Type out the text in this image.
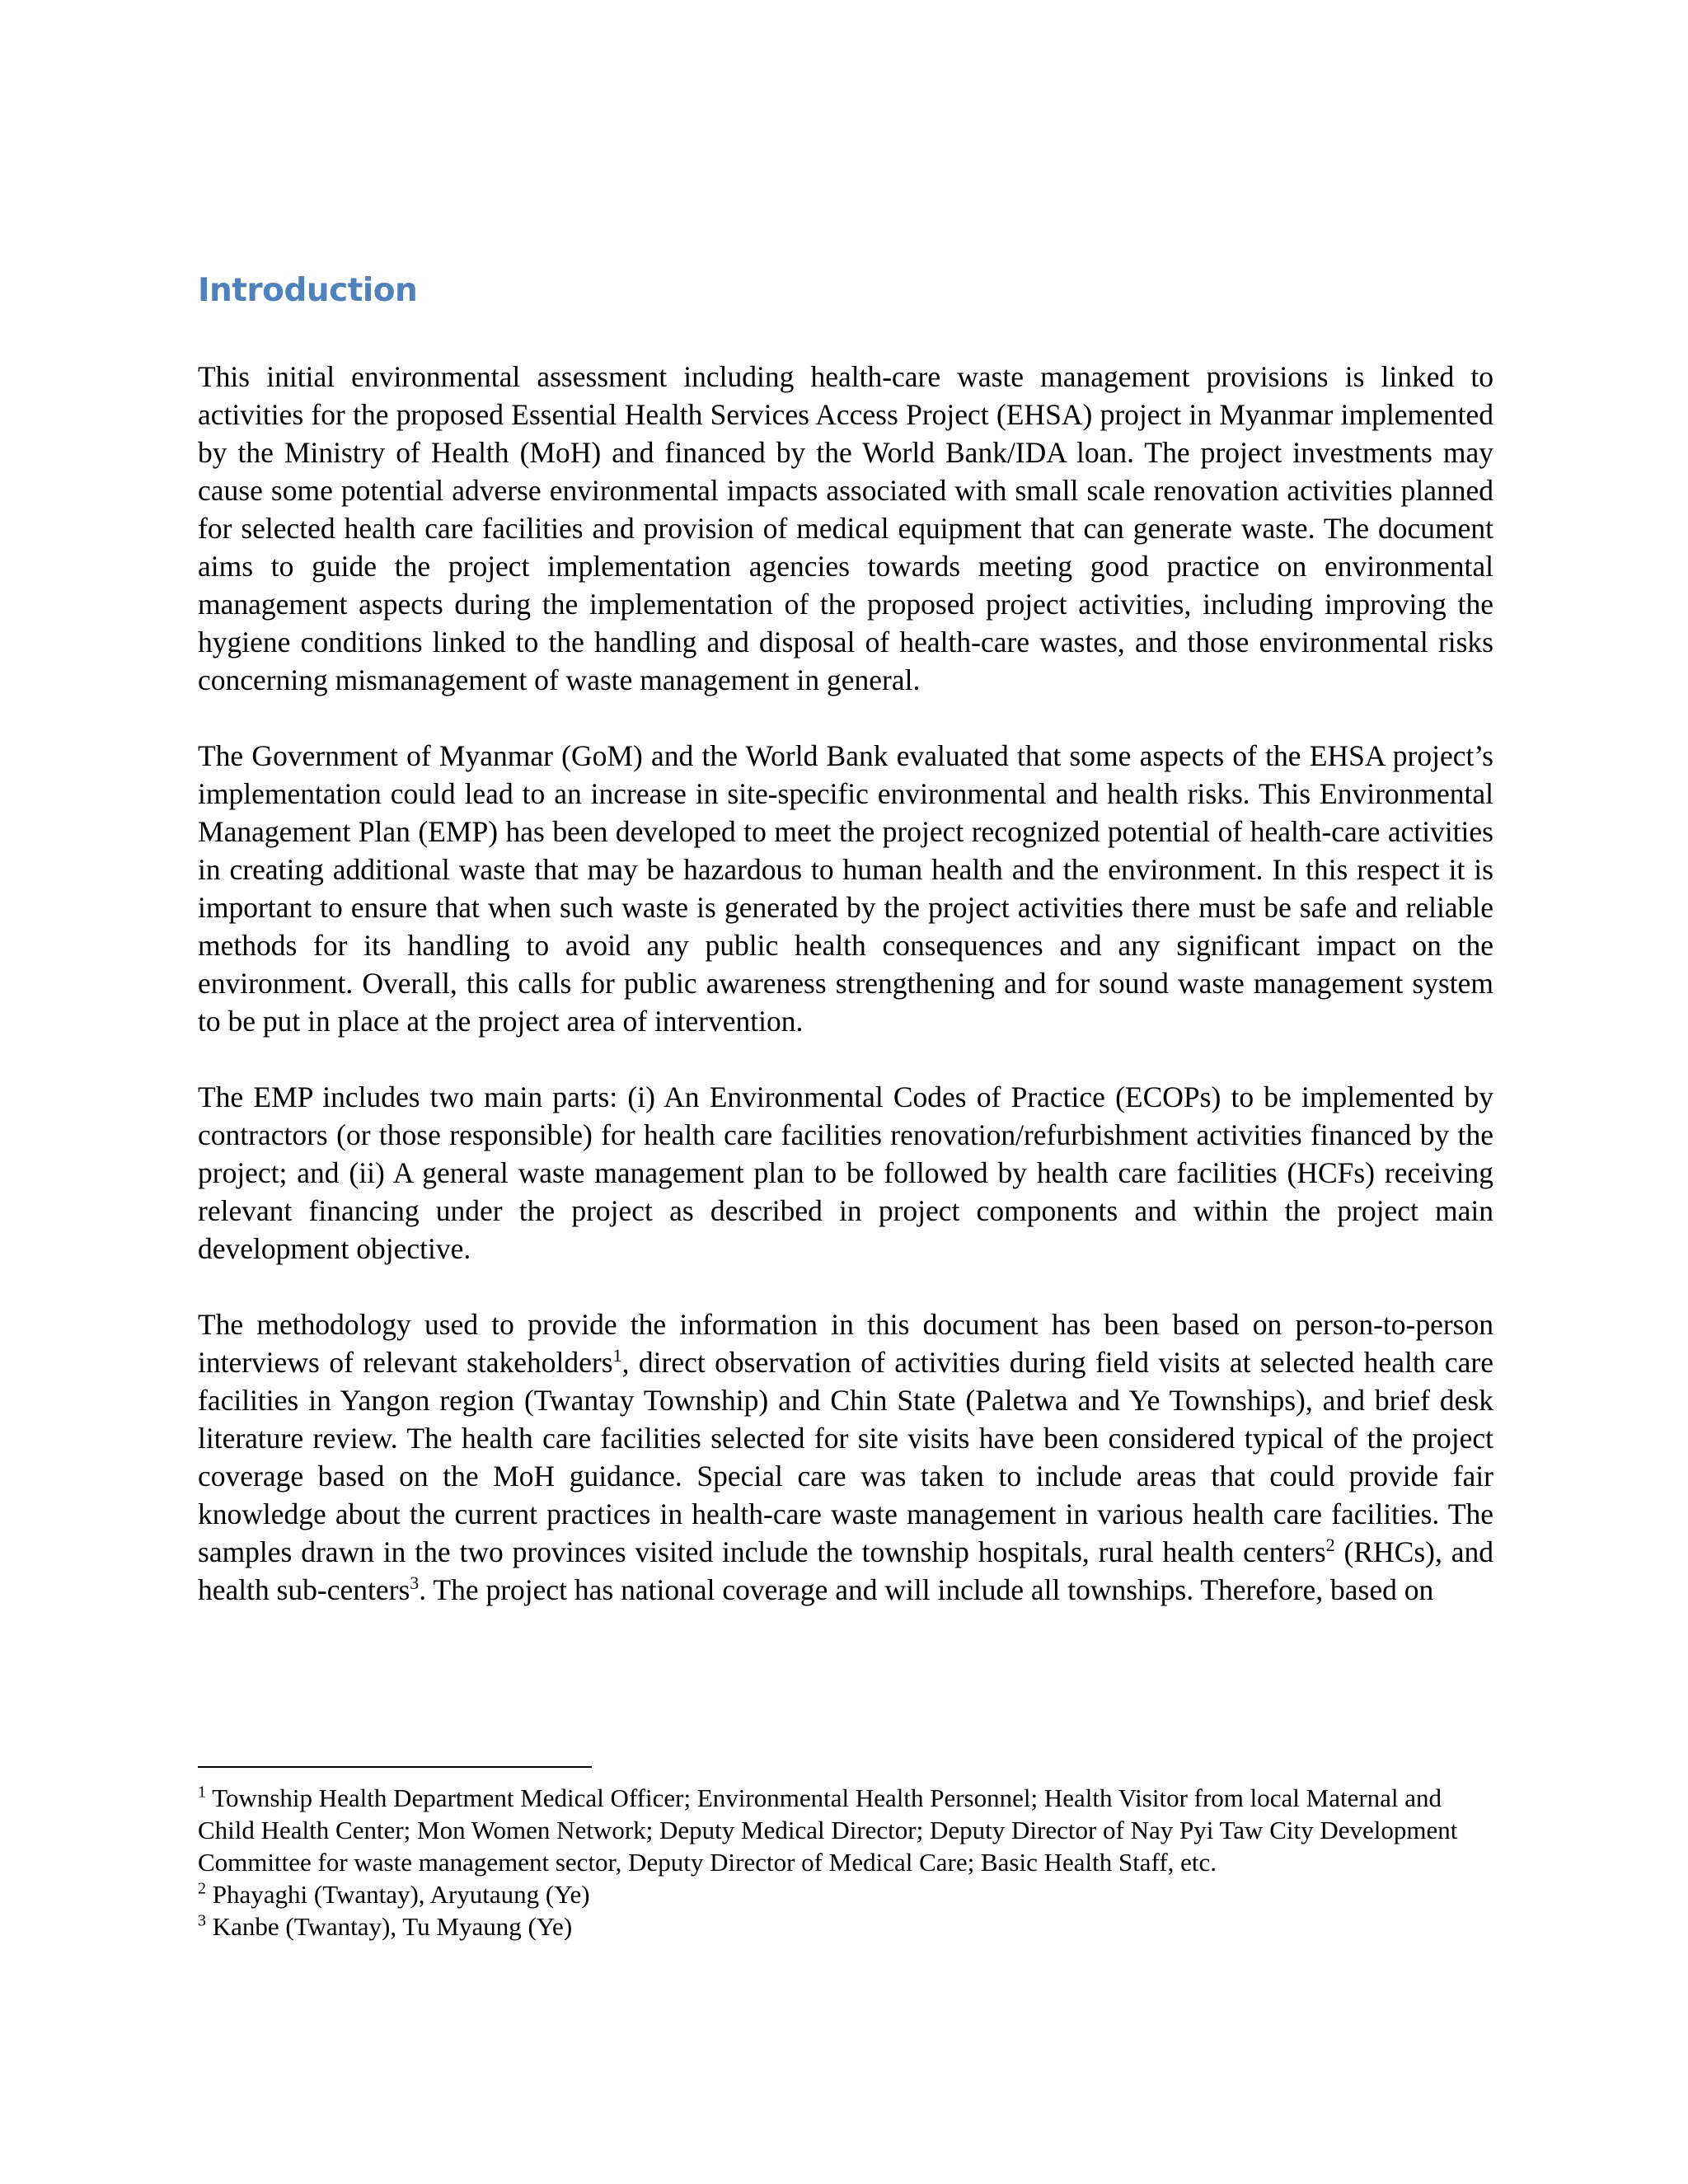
Introduction

This initial environmental assessment including health-care waste management provisions is linked to activities for the proposed Essential Health Services Access Project (EHSA) project in Myanmar implemented by the Ministry of Health (MoH) and financed by the World Bank/IDA loan. The project investments may cause some potential adverse environmental impacts associated with small scale renovation activities planned for selected health care facilities and provision of medical equipment that can generate waste. The document aims to guide the project implementation agencies towards meeting good practice on environmental management aspects during the implementation of the proposed project activities, including improving the hygiene conditions linked to the handling and disposal of health-care wastes, and those environmental risks concerning mismanagement of waste management in general.

The Government of Myanmar (GoM) and the World Bank evaluated that some aspects of the EHSA project’s implementation could lead to an increase in site-specific environmental and health risks. This Environmental Management Plan (EMP) has been developed to meet the project recognized potential of health-care activities in creating additional waste that may be hazardous to human health and the environment. In this respect it is important to ensure that when such waste is generated by the project activities there must be safe and reliable methods for its handling to avoid any public health consequences and any significant impact on the environment. Overall, this calls for public awareness strengthening and for sound waste management system to be put in place at the project area of intervention.

The EMP includes two main parts: (i) An Environmental Codes of Practice (ECOPs) to be implemented by contractors (or those responsible) for health care facilities renovation/refurbishment activities financed by the project; and (ii) A general waste management plan to be followed by health care facilities (HCFs) receiving relevant financing under the project as described in project components and within the project main development objective.

The methodology used to provide the information in this document has been based on person-to-person interviews of relevant stakeholders$^1$, direct observation of activities during field visits at selected health care facilities in Yangon region (Twantay Township) and Chin State (Paletwa and Ye Townships), and brief desk literature review. The health care facilities selected for site visits have been considered typical of the project coverage based on the MoH guidance. Special care was taken to include areas that could provide fair knowledge about the current practices in health-care waste management in various health care facilities. The samples drawn in the two provinces visited include the township hospitals, rural health centers$^2$ (RHCs), and health sub-centers$^3$. The project has national coverage and will include all townships. Therefore, based on

$^1$ Township Health Department Medical Officer; Environmental Health Personnel; Health Visitor from local Maternal and Child Health Center; Mon Women Network; Deputy Medical Director; Deputy Director of Nay Pyi Taw City Development Committee for waste management sector, Deputy Director of Medical Care; Basic Health Staff, etc.

$^2$ Phayaghi (Twantay), Aryutaung (Ye)

$^3$ Kanbe (Twantay), Tu Myaung (Ye)
